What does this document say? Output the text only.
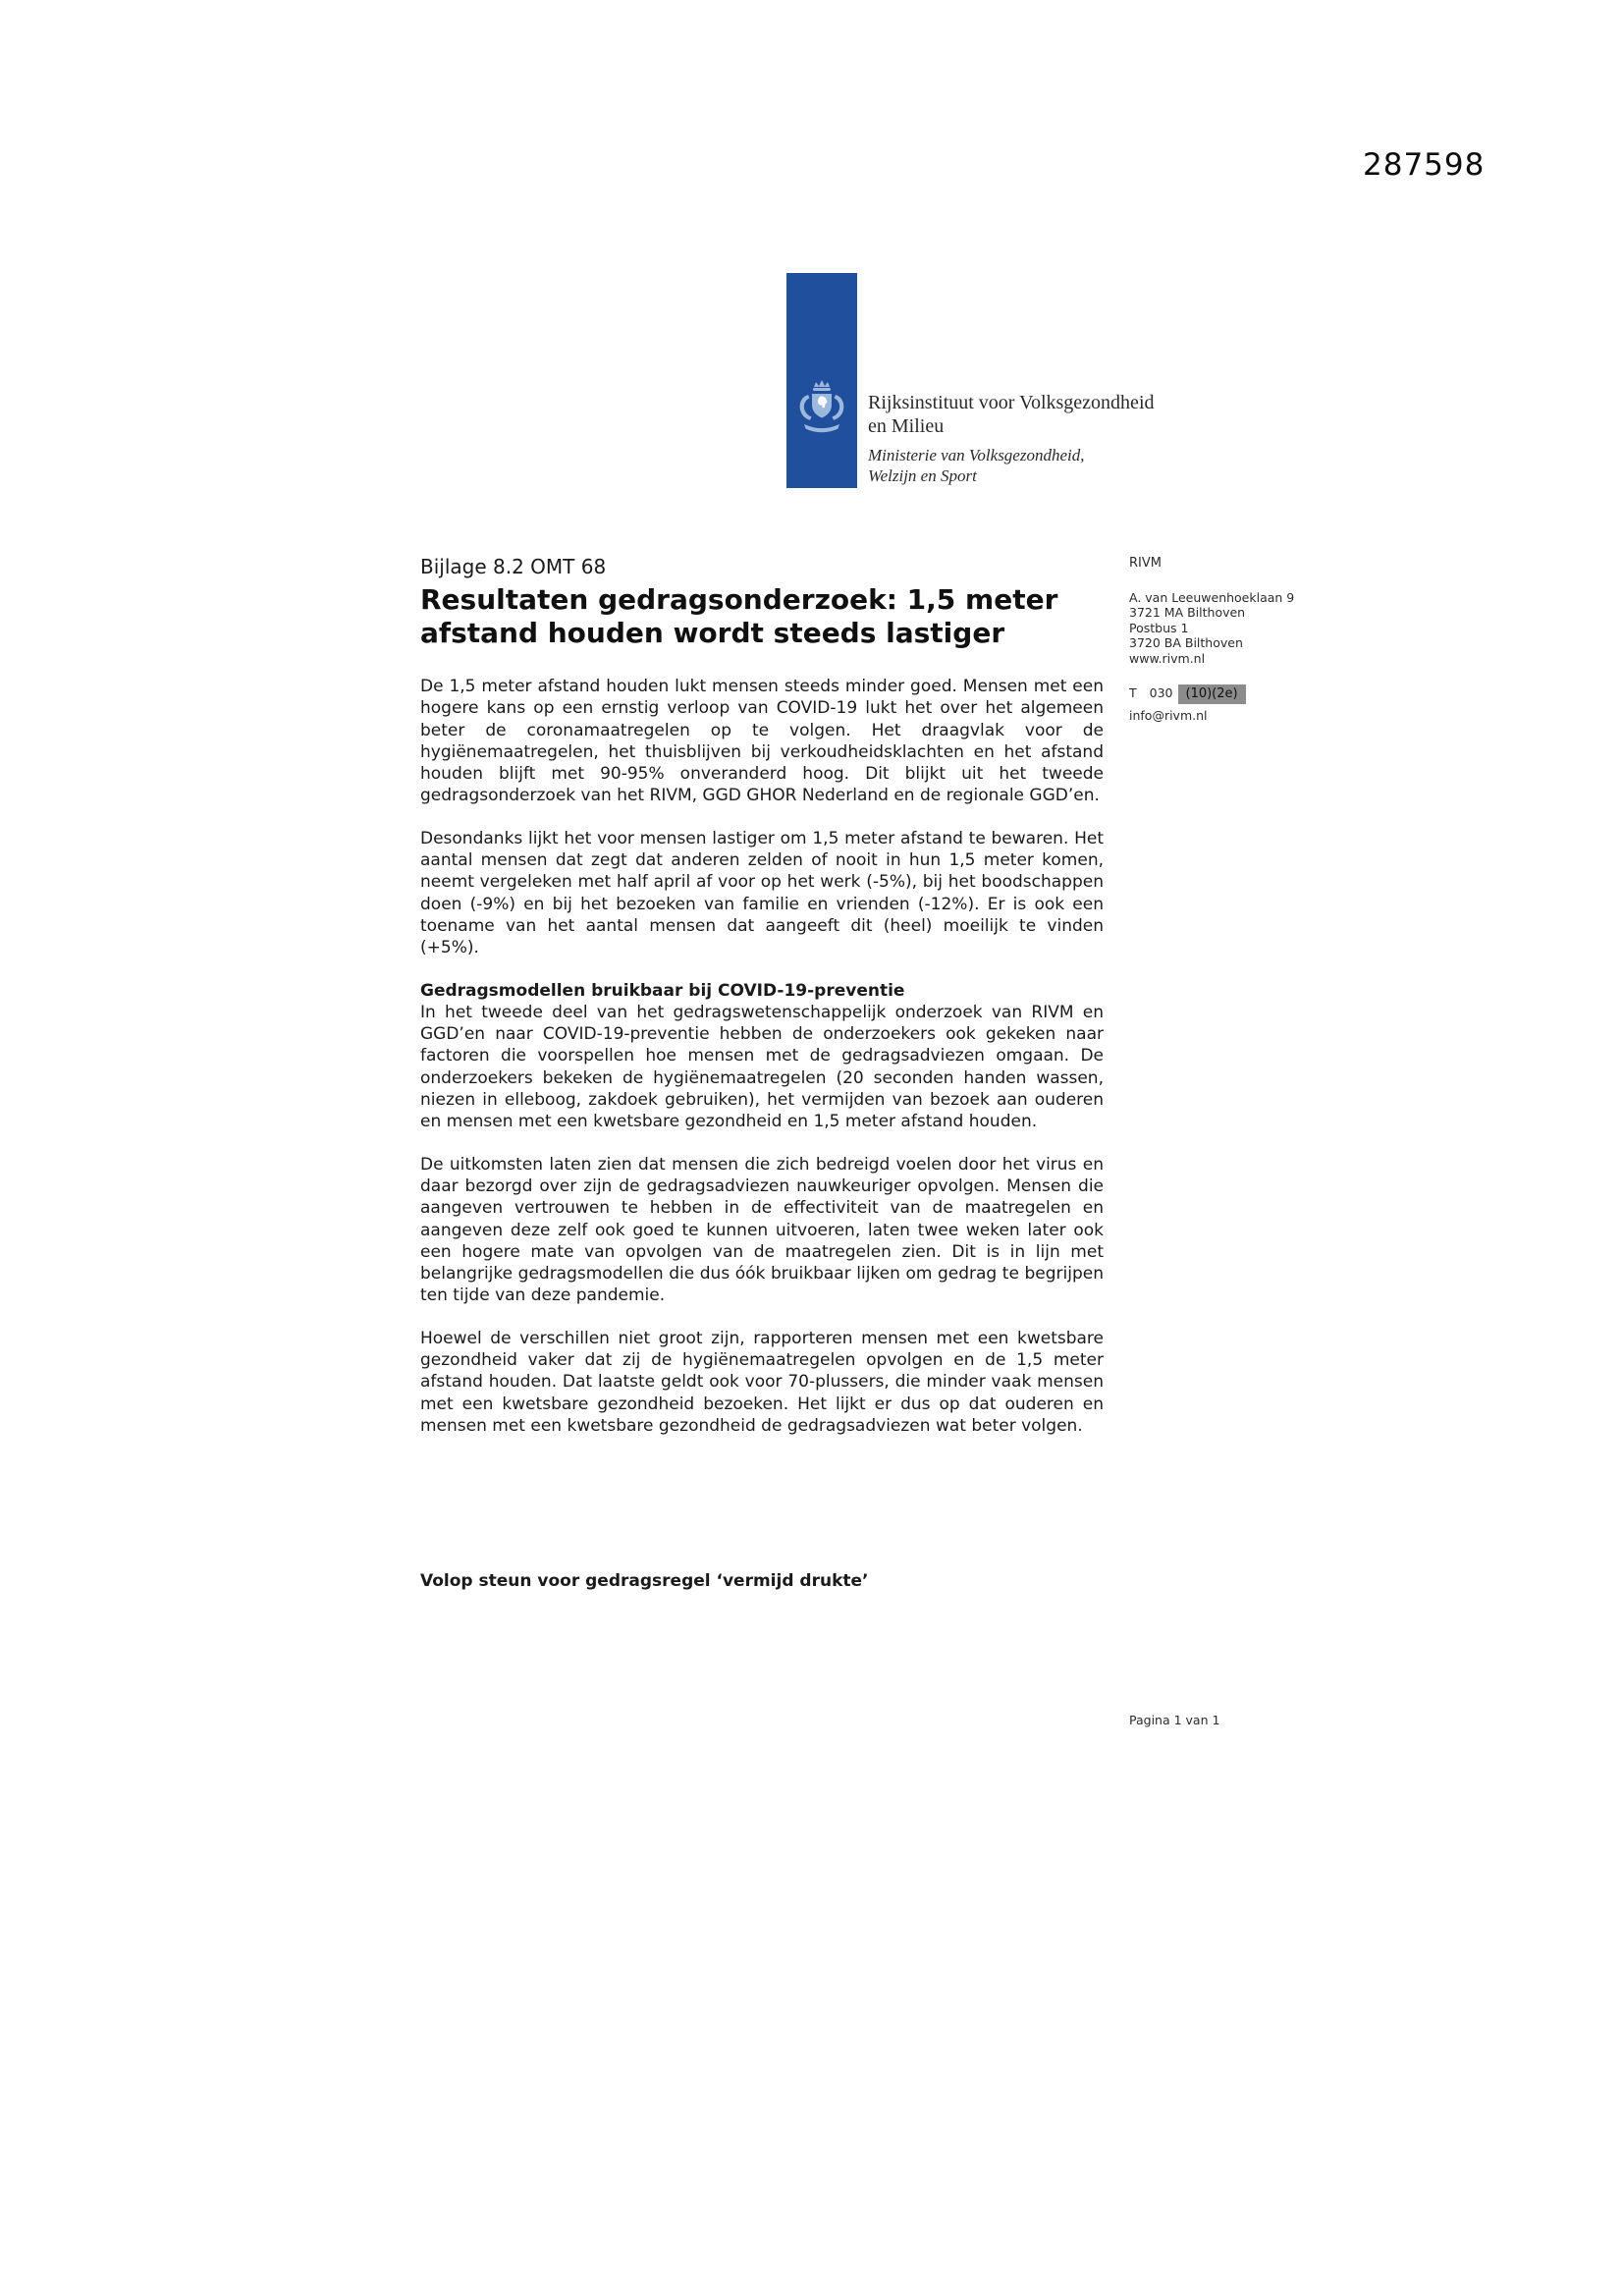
287598
Rijksinstituut voor Volksgezondheid
en Milieu
Ministerie van Volksgezondheid,
Welzijn en Sport

Bijlage 8.2 OMT 68

Resultaten gedragsonderzoek: 1,5 meter afstand houden wordt steeds lastiger

De 1,5 meter afstand houden lukt mensen steeds minder goed. Mensen met een hogere kans op een ernstig verloop van COVID-19 lukt het over het algemeen beter de coronamaatregelen op te volgen. Het draagvlak voor de hygiënemaatregelen, het thuisblijven bij verkoudheidsklachten en het afstand houden blijft met 90-95% onveranderd hoog. Dit blijkt uit het tweede gedragsonderzoek van het RIVM, GGD GHOR Nederland en de regionale GGD’en.

Desondanks lijkt het voor mensen lastiger om 1,5 meter afstand te bewaren. Het aantal mensen dat zegt dat anderen zelden of nooit in hun 1,5 meter komen, neemt vergeleken met half april af voor op het werk (-5%), bij het boodschappen doen (-9%) en bij het bezoeken van familie en vrienden (-12%). Er is ook een toename van het aantal mensen dat aangeeft dit (heel) moeilijk te vinden (+5%).

Gedragsmodellen bruikbaar bij COVID-19-preventie

In het tweede deel van het gedragswetenschappelijk onderzoek van RIVM en GGD’en naar COVID-19-preventie hebben de onderzoekers ook gekeken naar factoren die voorspellen hoe mensen met de gedragsadviezen omgaan. De onderzoekers bekeken de hygiënemaatregelen (20 seconden handen wassen, niezen in elleboog, zakdoek gebruiken), het vermijden van bezoek aan ouderen en mensen met een kwetsbare gezondheid en 1,5 meter afstand houden.

De uitkomsten laten zien dat mensen die zich bedreigd voelen door het virus en daar bezorgd over zijn de gedragsadviezen nauwkeuriger opvolgen. Mensen die aangeven vertrouwen te hebben in de effectiviteit van de maatregelen en aangeven deze zelf ook goed te kunnen uitvoeren, laten twee weken later ook een hogere mate van opvolgen van de maatregelen zien. Dit is in lijn met belangrijke gedragsmodellen die dus óók bruikbaar lijken om gedrag te begrijpen ten tijde van deze pandemie.

Hoewel de verschillen niet groot zijn, rapporteren mensen met een kwetsbare gezondheid vaker dat zij de hygiënemaatregelen opvolgen en de 1,5 meter afstand houden. Dat laatste geldt ook voor 70-plussers, die minder vaak mensen met een kwetsbare gezondheid bezoeken. Het lijkt er dus op dat ouderen en mensen met een kwetsbare gezondheid de gedragsadviezen wat beter volgen.

Volop steun voor gedragsregel ‘vermijd drukte’
RIVM
A. van Leeuwenhoeklaan 9
3721 MA Bilthoven
Postbus 1
3720 BA Bilthoven
www.rivm.nl
T 030 (10)(2e)
info@rivm.nl
Pagina 1 van 1
